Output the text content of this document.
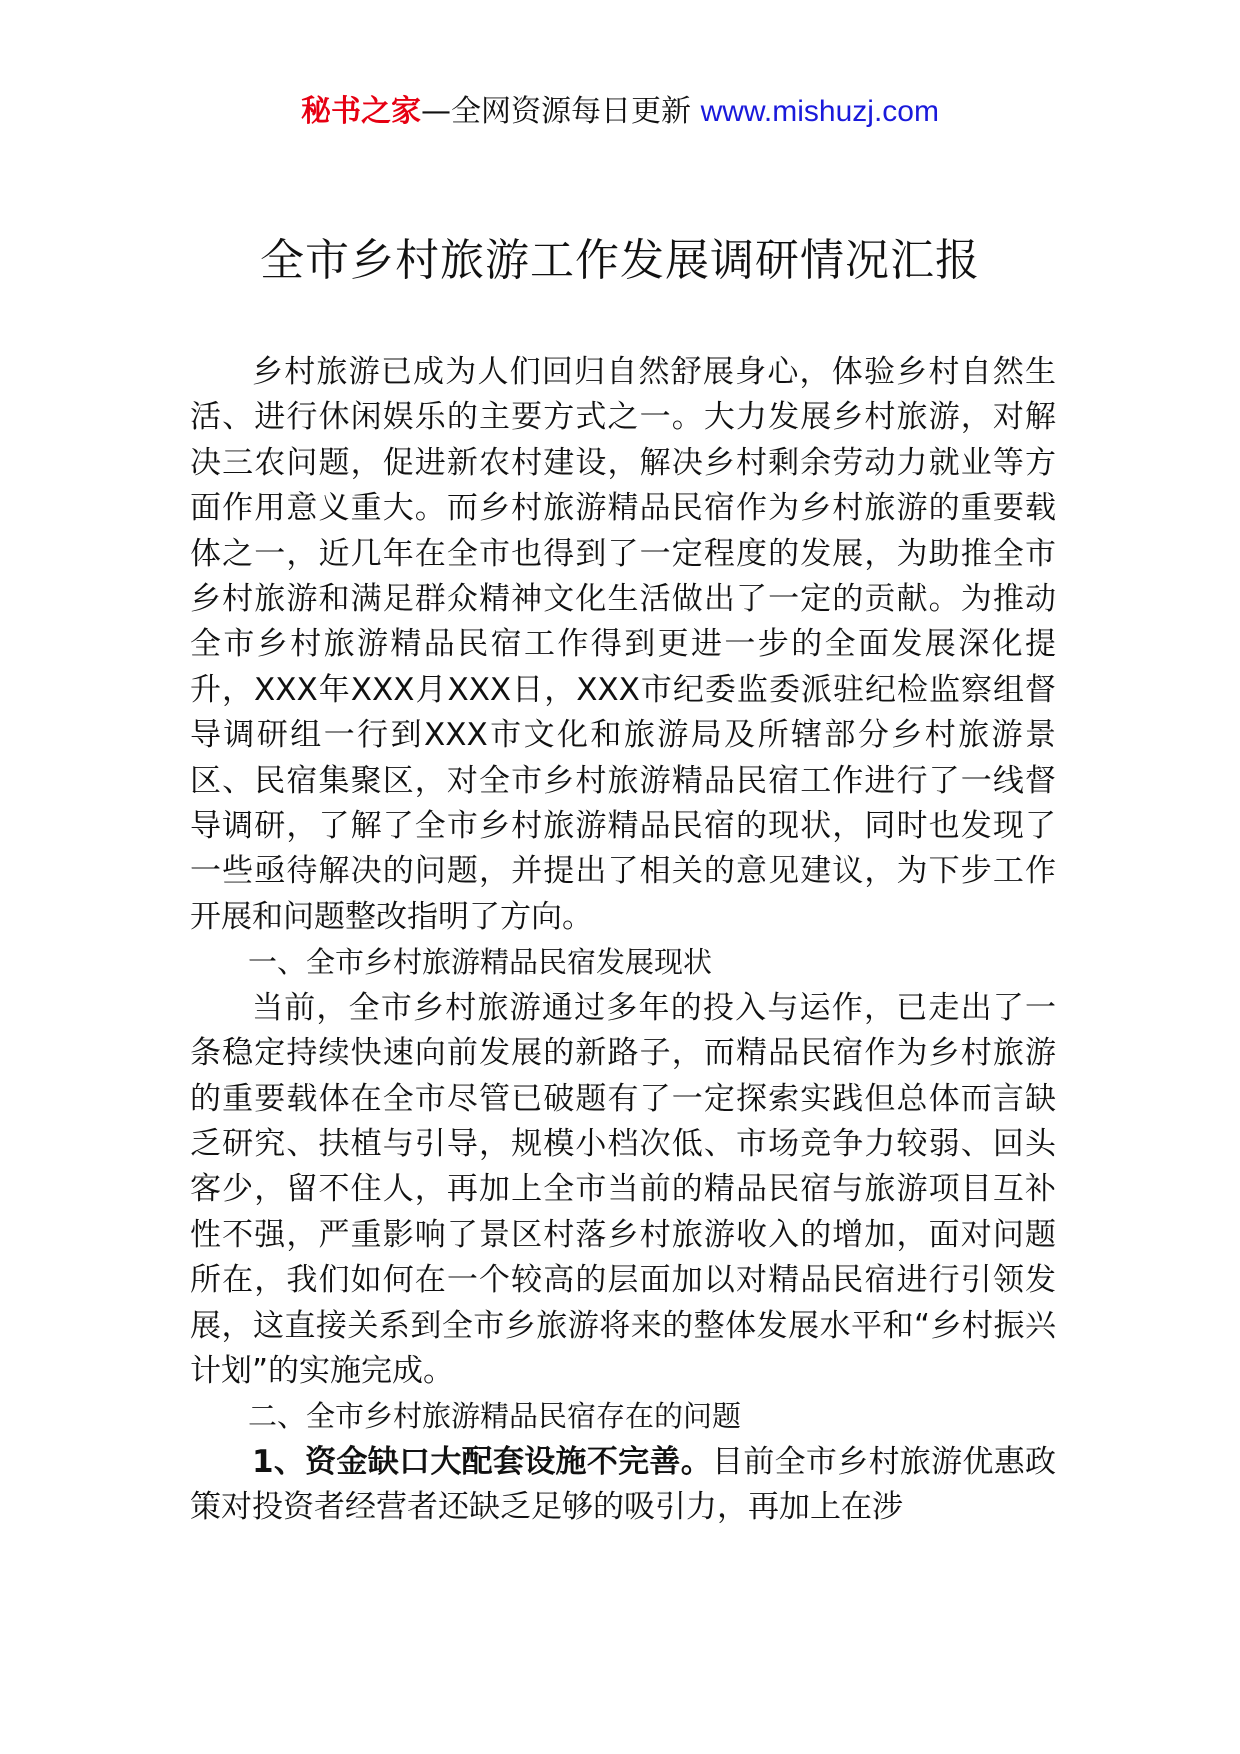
秘书之家—全网资源每日更新 www.mishuzj.com
全市乡村旅游工作发展调研情况汇报

乡村旅游已成为人们回归自然舒展身心，体验乡村自然生活、进行休闲娱乐的主要方式之一。大力发展乡村旅游，对解决三农问题，促进新农村建设，解决乡村剩余劳动力就业等方面作用意义重大。而乡村旅游精品民宿作为乡村旅游的重要载体之一，近几年在全市也得到了一定程度的发展，为助推全市乡村旅游和满足群众精神文化生活做出了一定的贡献。为推动全市乡村旅游精品民宿工作得到更进一步的全面发展深化提升，XXX年XXX月XXX日，XXX市纪委监委派驻纪检监察组督导调研组一行到XXX市文化和旅游局及所辖部分乡村旅游景区、民宿集聚区，对全市乡村旅游精品民宿工作进行了一线督导调研，了解了全市乡村旅游精品民宿的现状，同时也发现了一些亟待解决的问题，并提出了相关的意见建议，为下步工作开展和问题整改指明了方向。

一、全市乡村旅游精品民宿发展现状

当前，全市乡村旅游通过多年的投入与运作，已走出了一条稳定持续快速向前发展的新路子，而精品民宿作为乡村旅游的重要载体在全市尽管已破题有了一定探索实践但总体而言缺乏研究、扶植与引导，规模小档次低、市场竞争力较弱、回头客少，留不住人，再加上全市当前的精品民宿与旅游项目互补性不强，严重影响了景区村落乡村旅游收入的增加，面对问题所在，我们如何在一个较高的层面加以对精品民宿进行引领发展，这直接关系到全市乡旅游将来的整体发展水平和“乡村振兴计划”的实施完成。

二、全市乡村旅游精品民宿存在的问题

1、资金缺口大配套设施不完善。目前全市乡村旅游优惠政策对投资者经营者还缺乏足够的吸引力，再加上在涉
